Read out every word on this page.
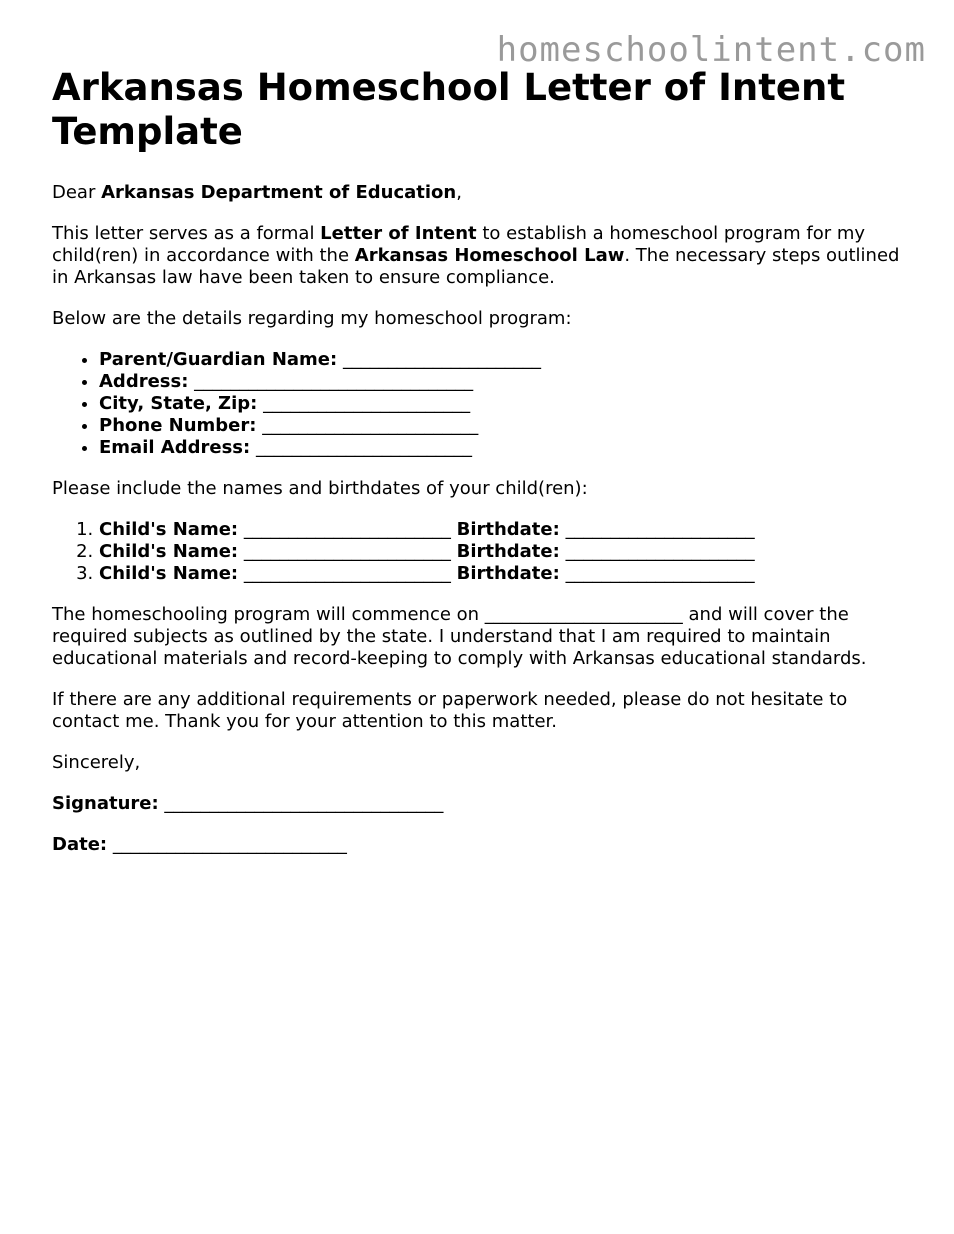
homeschoolintent.com
Arkansas Homeschool Letter of Intent Template

Dear Arkansas Department of Education,

This letter serves as a formal Letter of Intent to establish a homeschool program for my child(ren) in accordance with the Arkansas Homeschool Law. The necessary steps outlined in Arkansas law have been taken to ensure compliance.

Below are the details regarding my homeschool program:

• Parent/Guardian Name: ______________________
• Address: _______________________________
• City, State, Zip: _______________________
• Phone Number: ________________________
• Email Address: ________________________

Please include the names and birthdates of your child(ren):

1. Child's Name: _______________________ Birthdate: _____________________
2. Child's Name: _______________________ Birthdate: _____________________
3. Child's Name: _______________________ Birthdate: _____________________

The homeschooling program will commence on ______________________ and will cover the required subjects as outlined by the state. I understand that I am required to maintain educational materials and record-keeping to comply with Arkansas educational standards.

If there are any additional requirements or paperwork needed, please do not hesitate to contact me. Thank you for your attention to this matter.

Sincerely,

Signature: _______________________________

Date: __________________________
